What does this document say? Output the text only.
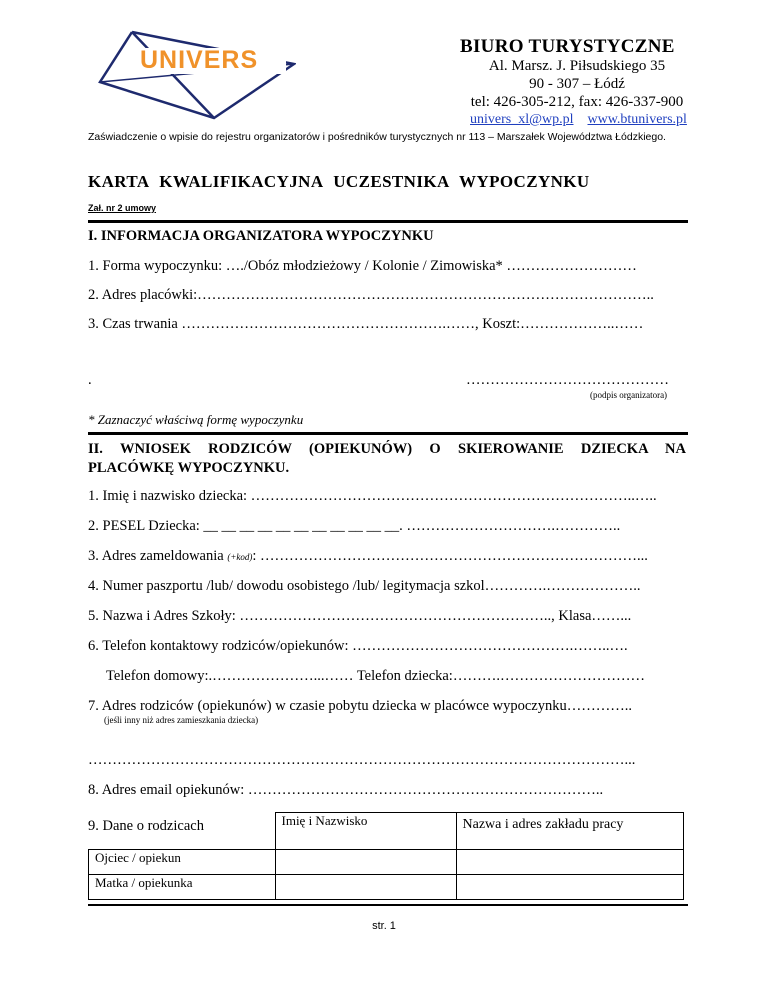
UNIVERS	BIURO TURYSTYCZNE
Al. Marsz. J. Piłsudskiego 35
90 - 307 – Łódź
tel: 426-305-212, fax: 426-337-900
univers_xl@wp.pl www.btunivers.pl
Zaświadczenie o wpisie do rejestru organizatorów i pośredników turystycznych nr 113 – Marszałek Województwa Łódzkiego.
KARTA KWALIFIKACYJNA UCZESTNIKA WYPOCZYNKU
Zał. nr 2 umowy
I. INFORMACJA ORGANIZATORA WYPOCZYNKU
1. Forma wypoczynku: …./Obóz młodzieżowy / Kolonie / Zimowiska* ………………………
2. Adres placówki:…………………………………………………………………………………..
3. Czas trwania ……………………………………………….……, Koszt:………………..……
.	……………………………………
(podpis organizatora)
* Zaznaczyć właściwą formę wypoczynku
II. WNIOSEK RODZICÓW (OPIEKUNÓW) O SKIEROWANIE DZIECKA NA
PLACÓWKĘ WYPOCZYNKU.
1. Imię i nazwisko dziecka: ……………………………………………………………………..…..
2. PESEL Dziecka: __ __ __ __ __ __ __ __ __ __ __. ………………………….…………..
3. Adres zameldowania (+kod): ……………………………………………………………………...
4. Numer paszportu /lub/ dowodu osobistego /lub/ legitymacja szkol………….………………..
5. Nazwa i Adres Szkoły: ……………………………………………………….., Klasa……...
6. Telefon kontaktowy rodziców/opiekunów: ……………………………………….……..….
Telefon domowy:.…………………...…… Telefon dziecka:……….…………………………
7. Adres rodziców (opiekunów) w czasie pobytu dziecka w placówce wypoczynku…………..
(jeśli inny niż adres zamieszkania dziecka)
…………………………………………………………………………………………………...
8. Adres email opiekunów: ………………………………………………………………..
9. Dane o rodzicach
		Imię i Nazwisko	Nazwa i adres zakładu pracy
Ojciec / opiekun		
Matka / opiekunka		
str. 1
